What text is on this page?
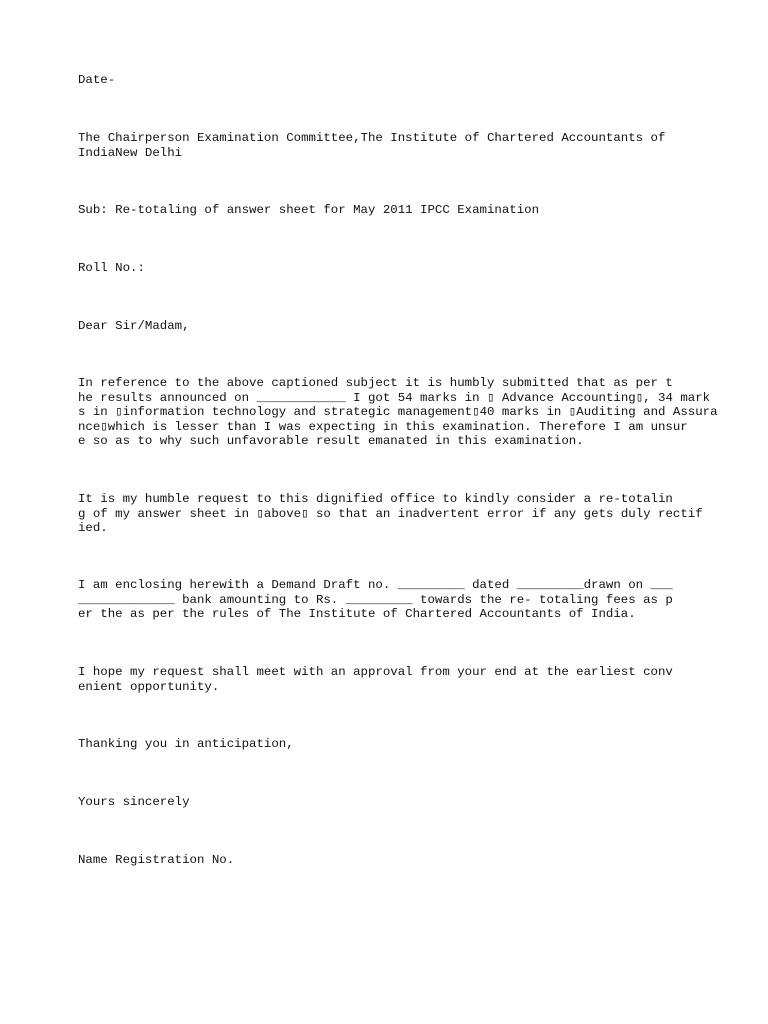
Date-

The Chairperson Examination Committee,The Institute of Chartered Accountants of

IndiaNew Delhi

Sub: Re-totaling of answer sheet for May 2011 IPCC Examination

Roll No.:

Dear Sir/Madam,

In reference to the above captioned subject it is humbly submitted that as per t

he results announced on ____________ I got 54 marks in ▯ Advance Accounting▯, 34 mark

s in ▯information technology and strategic management▯40 marks in ▯Auditing and Assura

nce▯which is lesser than I was expecting in this examination. Therefore I am unsur

e so as to why such unfavorable result emanated in this examination.

It is my humble request to this dignified office to kindly consider a re-totalin

g of my answer sheet in ▯above▯ so that an inadvertent error if any gets duly rectif

ied.

I am enclosing herewith a Demand Draft no. _________ dated _________drawn on ___

_____________ bank amounting to Rs. _________ towards the re- totaling fees as p

er the as per the rules of The Institute of Chartered Accountants of India.

I hope my request shall meet with an approval from your end at the earliest conv

enient opportunity.

Thanking you in anticipation,

Yours sincerely

Name Registration No.
